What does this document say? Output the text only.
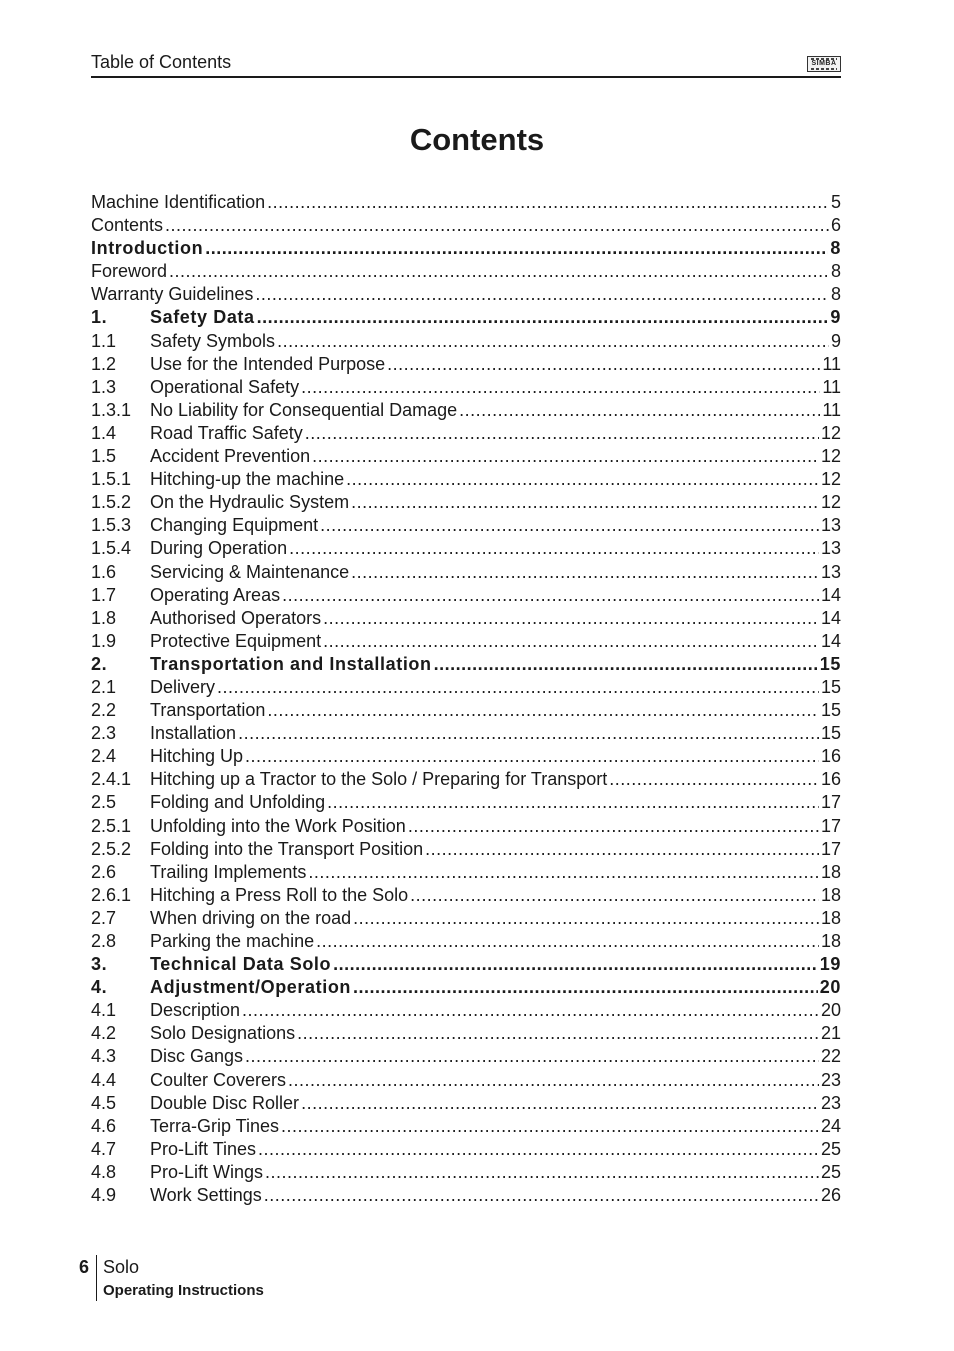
Table of Contents	SIMBA
Contents
Machine Identification .....	5
Contents .....	6
Introduction .....	8
Foreword .....	8
Warranty Guidelines .....	8
1.	Safety Data .....	9
1.1	Safety Symbols .....	9
1.2	Use for the Intended Purpose .....	11
1.3	Operational Safety .....	11
1.3.1	No Liability for Consequential Damage .....	11
1.4	Road Traffic Safety .....	12
1.5	Accident Prevention .....	12
1.5.1	Hitching-up the machine .....	12
1.5.2	On the Hydraulic System .....	12
1.5.3	Changing Equipment .....	13
1.5.4	During Operation .....	13
1.6	Servicing & Maintenance .....	13
1.7	Operating Areas .....	14
1.8	Authorised Operators .....	14
1.9	Protective Equipment .....	14
2.	Transportation and Installation .....	15
2.1	Delivery .....	15
2.2	Transportation .....	15
2.3	Installation .....	15
2.4	Hitching Up .....	16
2.4.1	Hitching up a Tractor to the Solo / Preparing for Transport .....	16
2.5	Folding and Unfolding .....	17
2.5.1	Unfolding into the Work Position .....	17
2.5.2	Folding into the Transport Position .....	17
2.6	Trailing Implements .....	18
2.6.1	Hitching a Press Roll to the Solo .....	18
2.7	When driving on the road .....	18
2.8	Parking the machine .....	18
3.	Technical Data Solo .....	19
4.	Adjustment/Operation .....	20
4.1	Description .....	20
4.2	Solo Designations .....	21
4.3	Disc Gangs .....	22
4.4	Coulter Coverers .....	23
4.5	Double Disc Roller .....	23
4.6	Terra-Grip Tines .....	24
4.7	Pro-Lift Tines .....	25
4.8	Pro-Lift Wings .....	25
4.9	Work Settings .....	26
6 Solo
Operating Instructions
